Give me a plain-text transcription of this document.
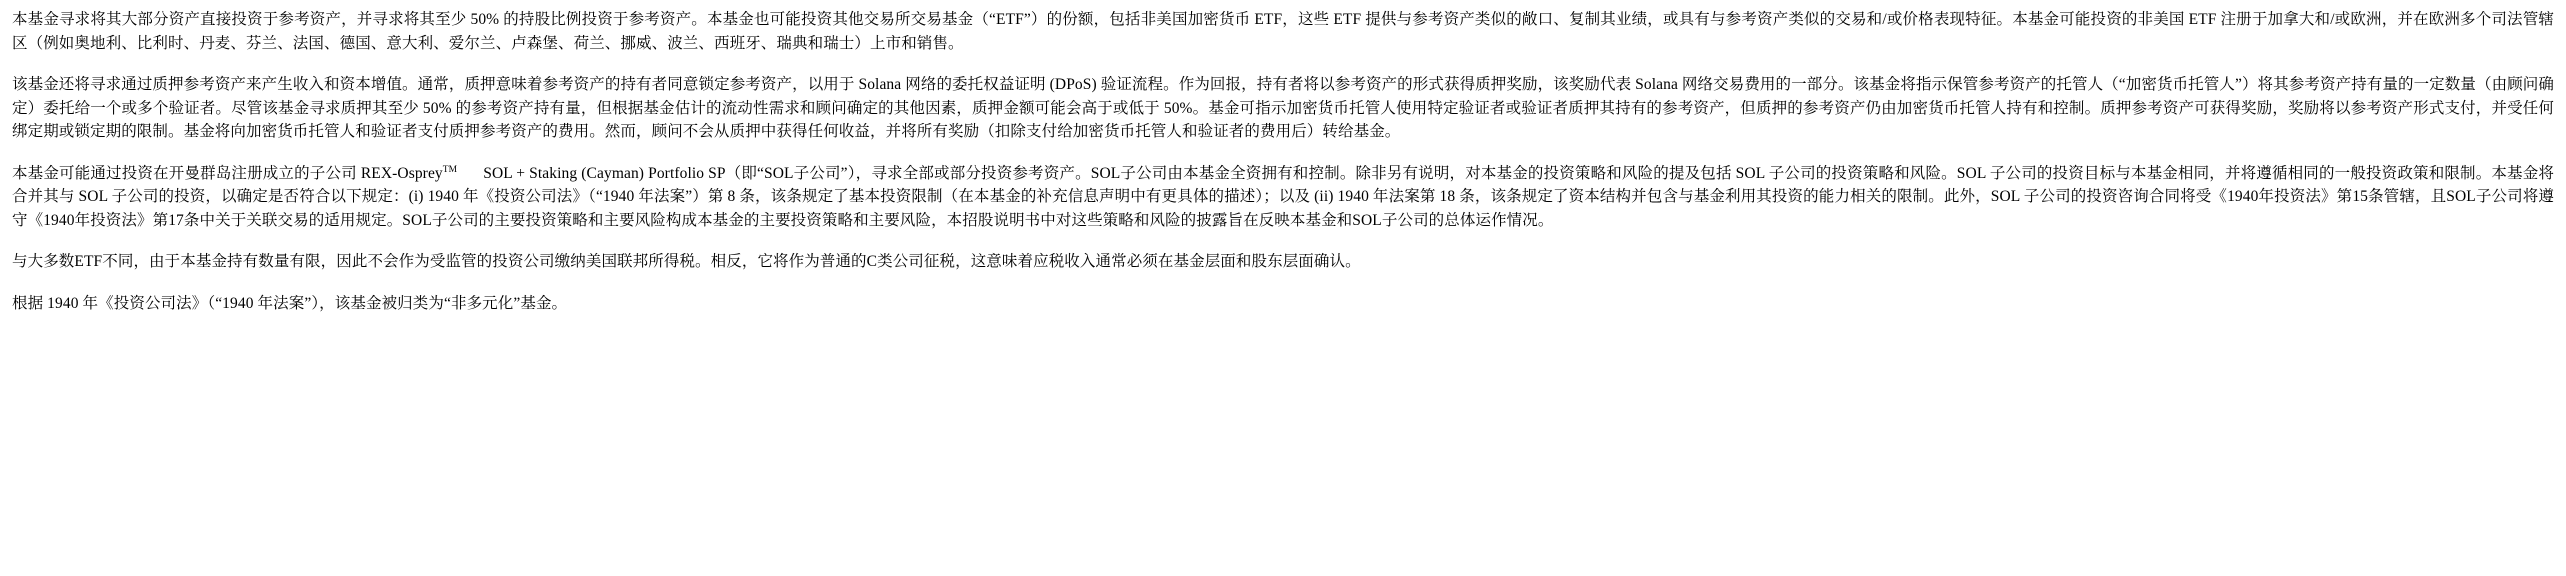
本基金寻求将其大部分资产直接投资于参考资产，并寻求将其至少 50% 的持股比例投资于参考资产。本基金也可能投资其他交易所交易基金（“ETF”）的份额，包括非美国加密货币 ETF，这些 ETF 提供与参考资产类似的敞口、复制其业绩，或具有与参考资产类似的交易和/或价格表现特征。本基金可能投资的非美国 ETF 注册于加拿大和/或欧洲，并在欧洲多个司法管辖区（例如奥地利、比利时、丹麦、芬兰、法国、德国、意大利、爱尔兰、卢森堡、荷兰、挪威、波兰、西班牙、瑞典和瑞士）上市和销售。

该基金还将寻求通过质押参考资产来产生收入和资本增值。通常，质押意味着参考资产的持有者同意锁定参考资产，以用于 Solana 网络的委托权益证明 (DPoS) 验证流程。作为回报，持有者将以参考资产的形式获得质押奖励，该奖励代表 Solana 网络交易费用的一部分。该基金将指示保管参考资产的托管人（“加密货币托管人”）将其参考资产持有量的一定数量（由顾问确定）委托给一个或多个验证者。尽管该基金寻求质押其至少 50% 的参考资产持有量，但根据基金估计的流动性需求和顾问确定的其他因素，质押金额可能会高于或低于 50%。基金可指示加密货币托管人使用特定验证者或验证者质押其持有的参考资产，但质押的参考资产仍由加密货币托管人持有和控制。质押参考资产可获得奖励，奖励将以参考资产形式支付，并受任何绑定期或锁定期的限制。基金将向加密货币托管人和验证者支付质押参考资产的费用。然而，顾问不会从质押中获得任何收益，并将所有奖励（扣除支付给加密货币托管人和验证者的费用后）转给基金。

本基金可能通过投资在开曼群岛注册成立的子公司 REX-Osprey™ SOL + Staking (Cayman) Portfolio SP（即“SOL子公司”），寻求全部或部分投资参考资产。SOL子公司由本基金全资拥有和控制。除非另有说明，对本基金的投资策略和风险的提及包括 SOL 子公司的投资策略和风险。SOL 子公司的投资目标与本基金相同，并将遵循相同的一般投资政策和限制。本基金将合并其与 SOL 子公司的投资，以确定是否符合以下规定：(i) 1940 年《投资公司法》（“1940 年法案”）第 8 条，该条规定了基本投资限制（在本基金的补充信息声明中有更具体的描述）；以及 (ii) 1940 年法案第 18 条，该条规定了资本结构并包含与基金利用其投资的能力相关的限制。此外，SOL 子公司的投资咨询合同将受《1940年投资法》第15条管辖，且SOL子公司将遵守《1940年投资法》第17条中关于关联交易的适用规定。SOL子公司的主要投资策略和主要风险构成本基金的主要投资策略和主要风险，本招股说明书中对这些策略和风险的披露旨在反映本基金和SOL子公司的总体运作情况。

与大多数ETF不同，由于本基金持有数量有限，因此不会作为受监管的投资公司缴纳美国联邦所得税。相反，它将作为普通的C类公司征税，这意味着应税收入通常必须在基金层面和股东层面确认。

根据 1940 年《投资公司法》（“1940 年法案”），该基金被归类为“非多元化”基金。
